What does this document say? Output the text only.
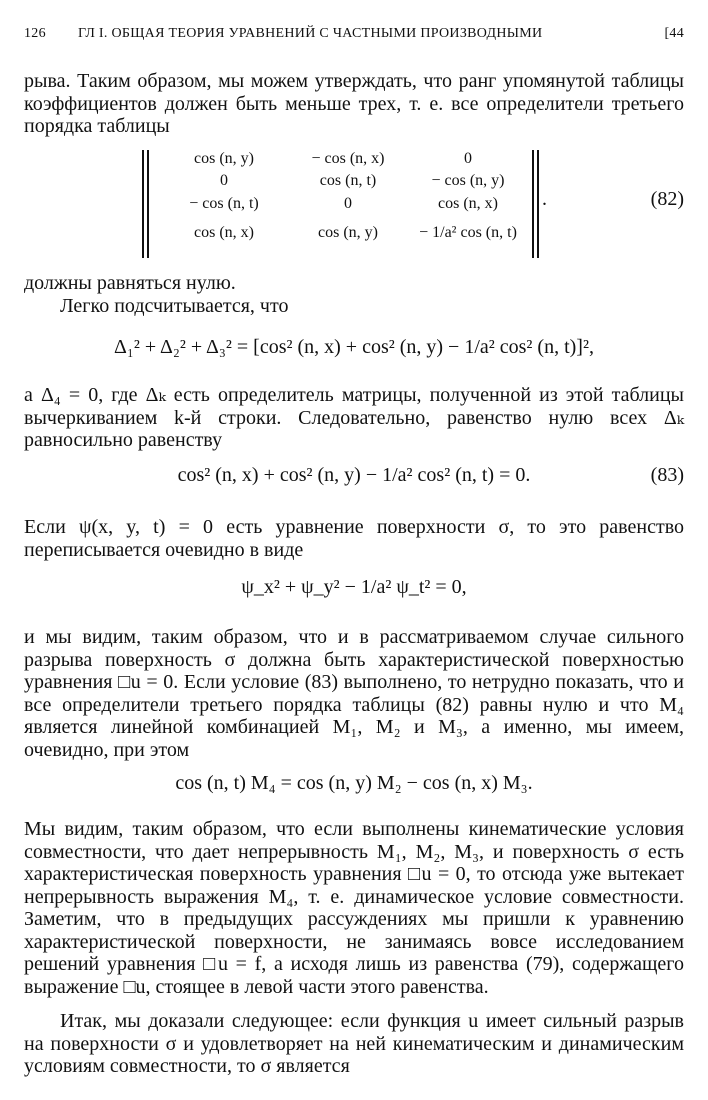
126 ГЛ I. ОБЩАЯ ТЕОРИЯ УРАВНЕНИЙ С ЧАСТНЫМИ ПРОИЗВОДНЫМИ	[44
рыва. Таким образом, мы можем утверждать, что ранг упомянутой таблицы коэффициентов должен быть меньше трех, т. е. все определители третьего порядка таблицы
cos (n, y)	− cos (n, x)	0
0	cos (n, t)	− cos (n, y)
− cos (n, t)	0	cos (n, x)
cos (n, x)	cos (n, y)	− 1/a² cos (n, t)
.	(82)
должны равняться нулю.
Легко подсчитывается, что
Δ₁² + Δ₂² + Δ₃² = [cos² (n, x) + cos² (n, y) − 1/a² cos² (n, t)]²,
а Δ₄ = 0, где Δₖ есть определитель матрицы, полученной из этой таблицы вычеркиванием k-й строки. Следовательно, равенство нулю всех Δₖ равносильно равенству
cos² (n, x) + cos² (n, y) − 1/a² cos² (n, t) = 0.	(83)
Если ψ(x, y, t) = 0 есть уравнение поверхности σ, то это равенство переписывается очевидно в виде
ψ_x² + ψ_y² − 1/a² ψ_t² = 0,
и мы видим, таким образом, что и в рассматриваемом случае сильного разрыва поверхность σ должна быть характеристической поверхностью уравнения □u = 0. Если условие (83) выполнено, то нетрудно показать, что и все определители третьего порядка таблицы (82) равны нулю и что M₄ является линейной комбинацией M₁, M₂ и M₃, а именно, мы имеем, очевидно, при этом
cos (n, t) M₄ = cos (n, y) M₂ − cos (n, x) M₃.
Мы видим, таким образом, что если выполнены кинематические условия совместности, что дает непрерывность M₁, M₂, M₃, и поверхность σ есть характеристическая поверхность уравнения □u = 0, то отсюда уже вытекает непрерывность выражения M₄, т. е. динамическое условие совместности. Заметим, что в предыдущих рассуждениях мы пришли к уравнению характеристической поверхности, не занимаясь вовсе исследованием решений уравнения □u = f, а исходя лишь из равенства (79), содержащего выражение □u, стоящее в левой части этого равенства.
Итак, мы доказали следующее: если функция u имеет сильный разрыв на поверхности σ и удовлетворяет на ней кинематическим и динамическим условиям совместности, то σ является
